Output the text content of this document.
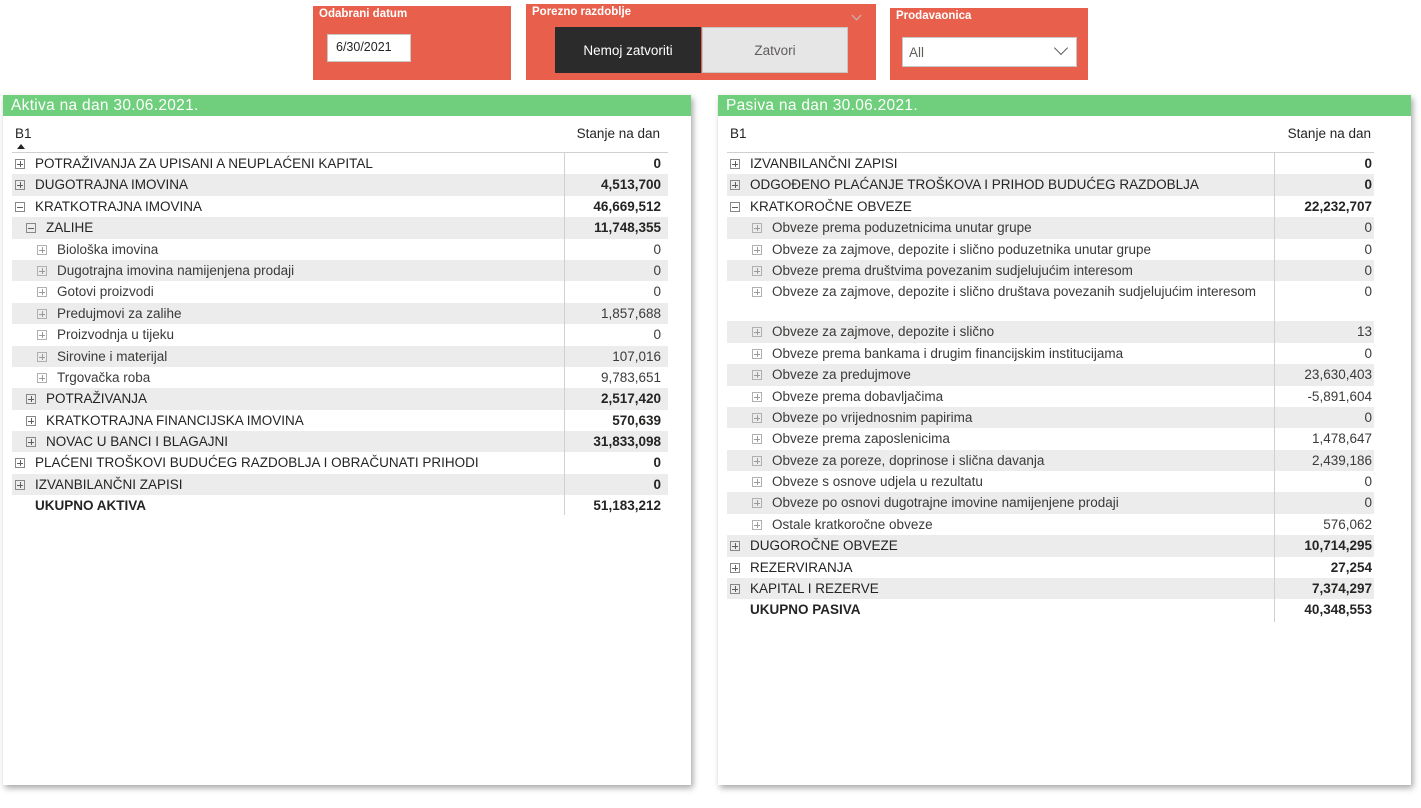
Odabrani datum
6/30/2021
Porezno razdoblje
Nemoj zatvoriti	Zatvori
Prodavaonica
All
Aktiva na dan 30.06.2021.
B1	Stanje na dan
POTRAŽIVANJA ZA UPISANI A NEUPLAĆENI KAPITAL	0
DUGOTRAJNA IMOVINA	4,513,700
KRATKOTRAJNA IMOVINA	46,669,512
ZALIHE	11,748,355
Biološka imovina	0
Dugotrajna imovina namijenjena prodaji	0
Gotovi proizvodi	0
Predujmovi za zalihe	1,857,688
Proizvodnja u tijeku	0
Sirovine i materijal	107,016
Trgovačka roba	9,783,651
POTRAŽIVANJA	2,517,420
KRATKOTRAJNA FINANCIJSKA IMOVINA	570,639
NOVAC U BANCI I BLAGAJNI	31,833,098
PLAĆENI TROŠKOVI BUDUĆEG RAZDOBLJA I OBRAČUNATI PRIHODI	0
IZVANBILANČNI ZAPISI	0
UKUPNO AKTIVA	51,183,212
Pasiva na dan 30.06.2021.
B1	Stanje na dan
IZVANBILANČNI ZAPISI	0
ODGOĐENO PLAĆANJE TROŠKOVA I PRIHOD BUDUĆEG RAZDOBLJA	0
KRATKOROČNE OBVEZE	22,232,707
Obveze prema poduzetnicima unutar grupe	0
Obveze za zajmove, depozite i slično poduzetnika unutar grupe	0
Obveze prema društvima povezanim sudjelujućim interesom	0
Obveze za zajmove, depozite i slično društava povezanih sudjelujućim interesom	0
Obveze za zajmove, depozite i slično	13
Obveze prema bankama i drugim financijskim institucijama	0
Obveze za predujmove	23,630,403
Obveze prema dobavljačima	-5,891,604
Obveze po vrijednosnim papirima	0
Obveze prema zaposlenicima	1,478,647
Obveze za poreze, doprinose i slična davanja	2,439,186
Obveze s osnove udjela u rezultatu	0
Obveze po osnovi dugotrajne imovine namijenjene prodaji	0
Ostale kratkoročne obveze	576,062
DUGOROČNE OBVEZE	10,714,295
REZERVIRANJA	27,254
KAPITAL I REZERVE	7,374,297
UKUPNO PASIVA	40,348,553
